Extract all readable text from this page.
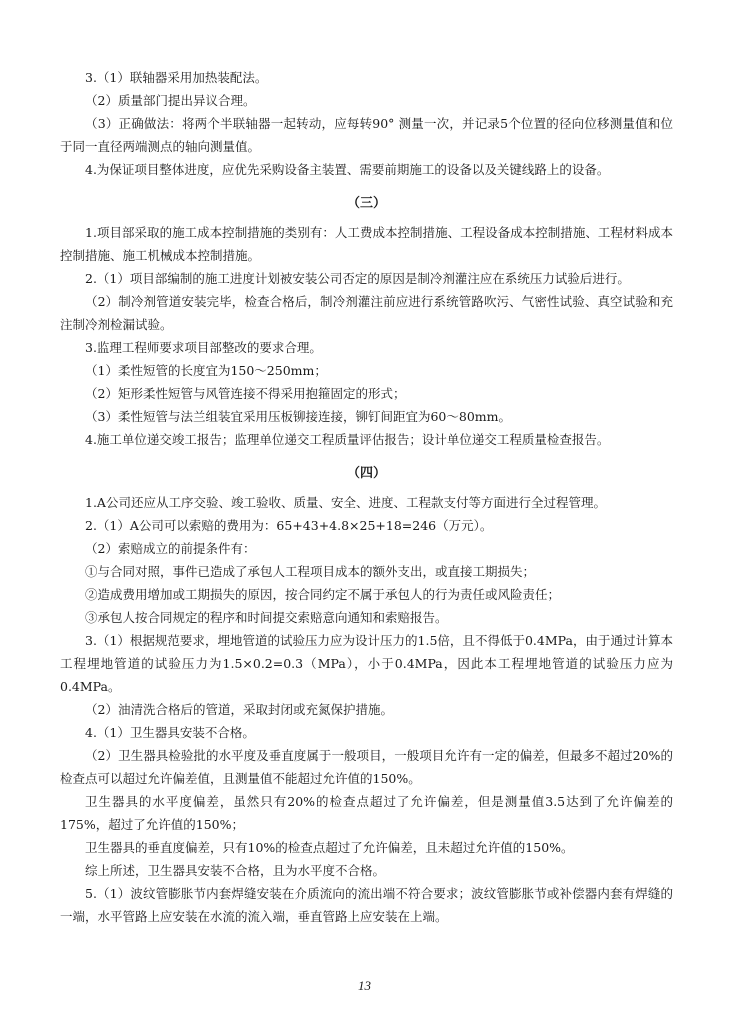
3.（1）联轴器采用加热装配法。

（2）质量部门提出异议合理。

（3）正确做法：将两个半联轴器一起转动，应每转90° 测量一次，并记录5个位置的径向位移测量值和位于同一直径两端测点的轴向测量值。

4.为保证项目整体进度，应优先采购设备主装置、需要前期施工的设备以及关键线路上的设备。

（三）

1.项目部采取的施工成本控制措施的类别有：人工费成本控制措施、工程设备成本控制措施、工程材料成本控制措施、施工机械成本控制措施。

2.（1）项目部编制的施工进度计划被安装公司否定的原因是制冷剂灌注应在系统压力试验后进行。

（2）制冷剂管道安装完毕，检查合格后，制冷剂灌注前应进行系统管路吹污、气密性试验、真空试验和充注制冷剂检漏试验。

3.监理工程师要求项目部整改的要求合理。

（1）柔性短管的长度宜为150～250mm；

（2）矩形柔性短管与风管连接不得采用抱箍固定的形式；

（3）柔性短管与法兰组装宜采用压板铆接连接，铆钉间距宜为60～80mm。

4.施工单位递交竣工报告；监理单位递交工程质量评估报告；设计单位递交工程质量检查报告。

（四）

1.A公司还应从工序交验、竣工验收、质量、安全、进度、工程款支付等方面进行全过程管理。

2.（1）A公司可以索赔的费用为：65+43+4.8×25+18=246（万元）。

（2）索赔成立的前提条件有：

①与合同对照，事件已造成了承包人工程项目成本的额外支出，或直接工期损失；

②造成费用增加或工期损失的原因，按合同约定不属于承包人的行为责任或风险责任；

③承包人按合同规定的程序和时间提交索赔意向通知和索赔报告。

3.（1）根据规范要求，埋地管道的试验压力应为设计压力的1.5倍，且不得低于0.4MPa，由于通过计算本工程埋地管道的试验压力为1.5×0.2=0.3（MPa），小于0.4MPa，因此本工程埋地管道的试验压力应为0.4MPa。

（2）油清洗合格后的管道，采取封闭或充氮保护措施。

4.（1）卫生器具安装不合格。

（2）卫生器具检验批的水平度及垂直度属于一般项目，一般项目允许有一定的偏差，但最多不超过20%的检查点可以超过允许偏差值，且测量值不能超过允许值的150%。

卫生器具的水平度偏差，虽然只有20%的检查点超过了允许偏差，但是测量值3.5达到了允许偏差的175%，超过了允许值的150%；

卫生器具的垂直度偏差，只有10%的检查点超过了允许偏差，且未超过允许值的150%。

综上所述，卫生器具安装不合格，且为水平度不合格。

5.（1）波纹管膨胀节内套焊缝安装在介质流向的流出端不符合要求；波纹管膨胀节或补偿器内套有焊缝的一端，水平管路上应安装在水流的流入端，垂直管路上应安装在上端。

13
